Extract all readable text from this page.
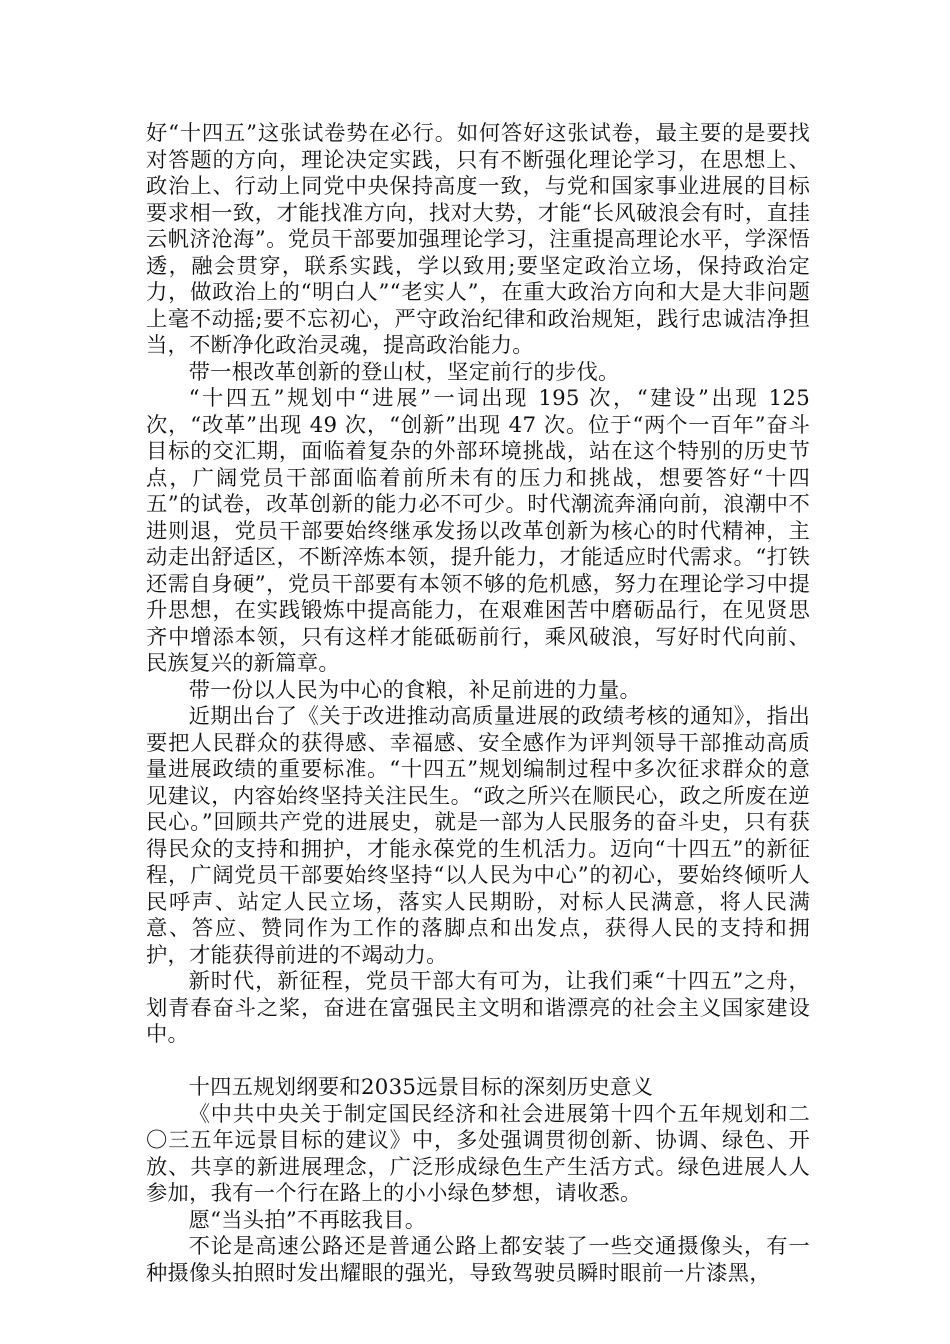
好“十四五”这张试卷势在必行。如何答好这张试卷，最主要的是要找对答题的方向，理论决定实践，只有不断强化理论学习，在思想上、政治上、行动上同党中央保持高度一致，与党和国家事业进展的目标要求相一致，才能找准方向，找对大势，才能“长风破浪会有时，直挂云帆济沧海”。党员干部要加强理论学习，注重提高理论水平，学深悟透，融会贯穿，联系实践，学以致用;要坚定政治立场，保持政治定力，做政治上的“明白人”“老实人”，在重大政治方向和大是大非问题上毫不动摇;要不忘初心，严守政治纪律和政治规矩，践行忠诚洁净担当，不断净化政治灵魂，提高政治能力。

带一根改革创新的登山杖，坚定前行的步伐。

“十四五”规划中“进展”一词出现 195 次，“建设”出现 125 次，“改革”出现 49 次，“创新”出现 47 次。位于“两个一百年”奋斗目标的交汇期，面临着复杂的外部环境挑战，站在这个特别的历史节点，广阔党员干部面临着前所未有的压力和挑战，想要答好“十四五”的试卷，改革创新的能力必不可少。时代潮流奔涌向前，浪潮中不进则退，党员干部要始终继承发扬以改革创新为核心的时代精神，主动走出舒适区，不断淬炼本领，提升能力，才能适应时代需求。“打铁还需自身硬”，党员干部要有本领不够的危机感，努力在理论学习中提升思想，在实践锻炼中提高能力，在艰难困苦中磨砺品行，在见贤思齐中增添本领，只有这样才能砥砺前行，乘风破浪，写好时代向前、民族复兴的新篇章。

带一份以人民为中心的食粮，补足前进的力量。

近期出台了《关于改进推动高质量进展的政绩考核的通知》，指出要把人民群众的获得感、幸福感、安全感作为评判领导干部推动高质量进展政绩的重要标准。“十四五”规划编制过程中多次征求群众的意见建议，内容始终坚持关注民生。“政之所兴在顺民心，政之所废在逆民心。”回顾共产党的进展史，就是一部为人民服务的奋斗史，只有获得民众的支持和拥护，才能永葆党的生机活力。迈向“十四五”的新征程，广阔党员干部要始终坚持“以人民为中心”的初心，要始终倾听人民呼声、站定人民立场，落实人民期盼，对标人民满意，将人民满意、答应、赞同作为工作的落脚点和出发点，获得人民的支持和拥护，才能获得前进的不竭动力。

新时代，新征程，党员干部大有可为，让我们乘“十四五”之舟，划青春奋斗之桨，奋进在富强民主文明和谐漂亮的社会主义国家建设中。

十四五规划纲要和2035远景目标的深刻历史意义

《中共中央关于制定国民经济和社会进展第十四个五年规划和二〇三五年远景目标的建议》中，多处强调贯彻创新、协调、绿色、开放、共享的新进展理念，广泛形成绿色生产生活方式。绿色进展人人参加，我有一个行在路上的小小绿色梦想，请收悉。

愿“当头拍”不再眩我目。

不论是高速公路还是普通公路上都安装了一些交通摄像头，有一种摄像头拍照时发出耀眼的强光，导致驾驶员瞬时眼前一片漆黑，
